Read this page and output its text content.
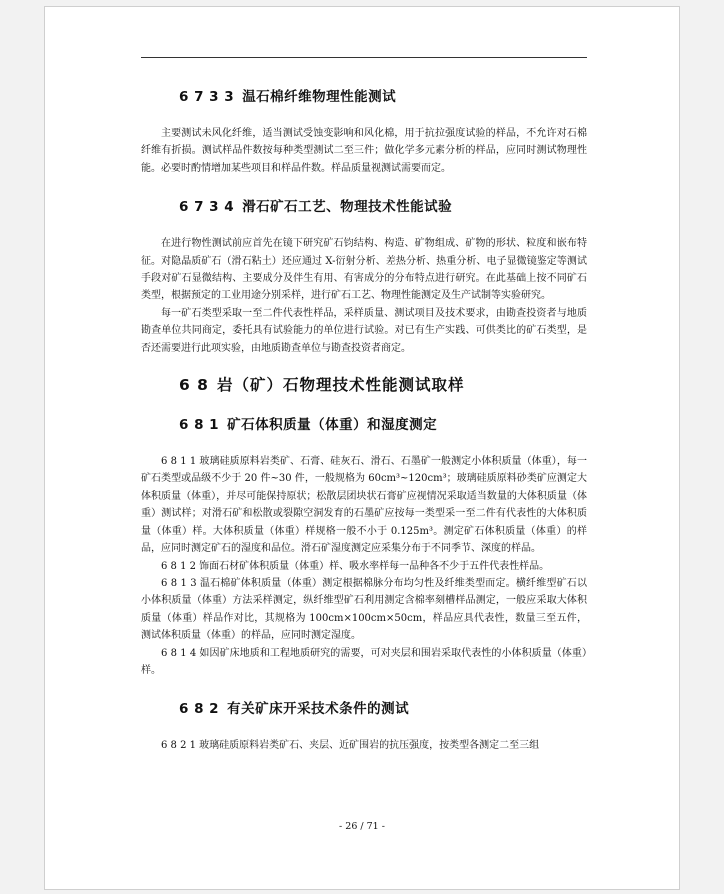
6 7 3 3 温石棉纤维物理性能测试

主要测试未风化纤维，适当测试受蚀变影响和风化棉，用于抗拉强度试验的样品，不允许对石棉纤维有折损。测试样品件数按每种类型测试二至三件；做化学多元素分析的样品，应同时测试物理性能。必要时酌情增加某些项目和样品件数。样品质量视测试需要而定。

6 7 3 4 滑石矿石工艺、物理技术性能试验

在进行物性测试前应首先在镜下研究矿石钧结构、构造、矿物组成、矿物的形状、粒度和嵌布特征。对隐晶质矿石（滑石粘土）还应通过 X-衍射分析、差热分析、热重分析、电子显微镜鉴定等测试手段对矿石显微结构、主要成分及伴生有用、有害成分的分布特点进行研究。在此基础上按不同矿石类型，根据预定的工业用途分别采样，进行矿石工艺、物理性能测定及生产试制等实验研究。

每一矿石类型采取一至二件代表性样品，采样质量、测试项目及技术要求，由勘查投资者与地质勘查单位共同商定，委托具有试验能力的单位进行试验。对已有生产实践、可供类比的矿石类型，是否还需要进行此项实验，由地质勘查单位与勘查投资者商定。

6 8 岩（矿）石物理技术性能测试取样
6 8 1 矿石体积质量（体重）和湿度测定

6 8 1 1 玻璃硅质原料岩类矿、石膏、硅灰石、滑石、石墨矿一般测定小体积质量（体重），每一矿石类型或品级不少于 20 件~30 件，一般规格为 60cm³~120cm³；玻璃硅质原料砂类矿应测定大体积质量（体重），并尽可能保持原状；松散层团块状石膏矿应视情况采取适当数量的大体积质量（体重）测试样；对滑石矿和松散或裂隙空洞发育的石墨矿应按每一类型采一至二件有代表性的大体积质量（体重）样。大体积质量（体重）样规格一般不小于 0.125m³。测定矿石体积质量（体重）的样品，应同时测定矿石的湿度和品位。滑石矿湿度测定应采集分布于不同季节、深度的样品。

6 8 1 2 饰面石材矿体积质量（体重）样、吸水率样每一品种各不少于五件代表性样品。

6 8 1 3 温石棉矿体积质量（体重）测定根据棉脉分布均匀性及纤维类型而定。横纤维型矿石以小体积质量（体重）方法采样测定，纵纤维型矿石利用测定含棉率刻槽样品测定，一般应采取大体积质量（体重）样品作对比，其规格为 100cm×100cm×50cm，样品应具代表性，数量三至五件，测试体积质量（体重）的样品，应同时测定湿度。

6 8 1 4 如因矿床地质和工程地质研究的需要，可对夹层和围岩采取代表性的小体积质量（体重）样。

6 8 2 有关矿床开采技术条件的测试

6 8 2 1 玻璃硅质原料岩类矿石、夹层、近矿围岩的抗压强度，按类型各测定二至三组

- 26 / 71 -
